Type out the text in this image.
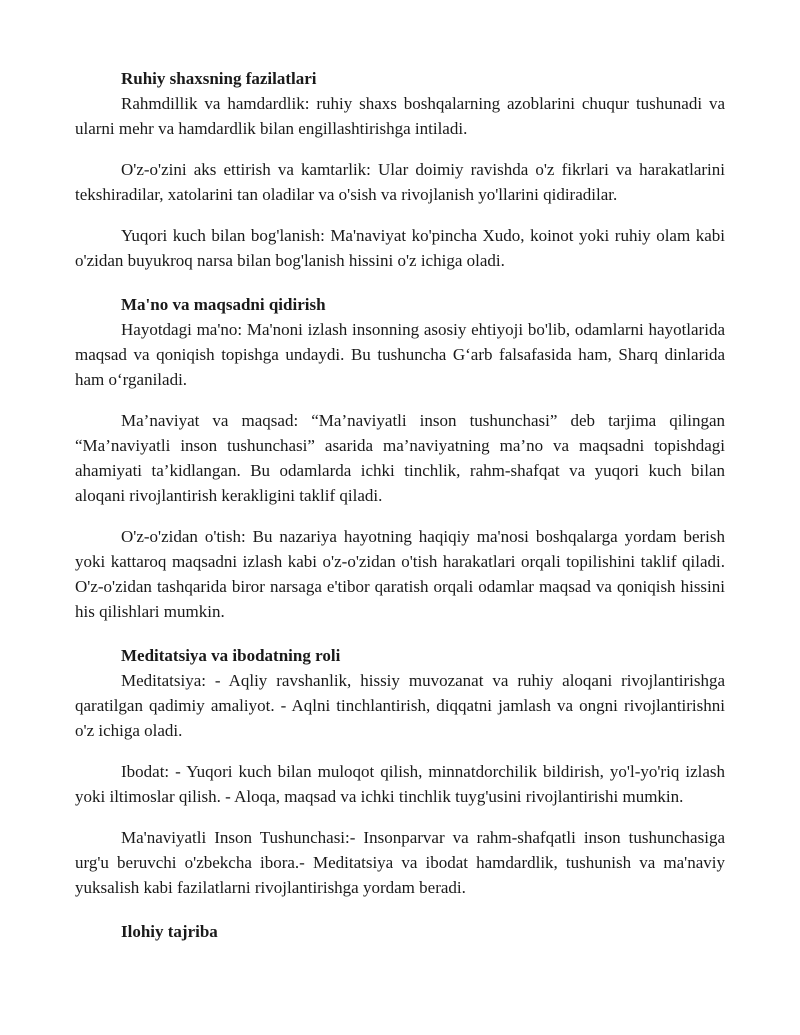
Ruhiy shaxsning fazilatlari

Rahmdillik va hamdardlik: ruhiy shaxs boshqalarning azoblarini chuqur tushunadi va ularni mehr va hamdardlik bilan engillashtirishga intiladi.

O'z-o'zini aks ettirish va kamtarlik: Ular doimiy ravishda o'z fikrlari va harakatlarini tekshiradilar, xatolarini tan oladilar va o'sish va rivojlanish yo'llarini qidiradilar.

Yuqori kuch bilan bog'lanish: Ma'naviyat ko'pincha Xudo, koinot yoki ruhiy olam kabi o'zidan buyukroq narsa bilan bog'lanish hissini o'z ichiga oladi.

Ma'no va maqsadni qidirish

Hayotdagi ma'no: Ma'noni izlash insonning asosiy ehtiyoji bo'lib, odamlarni hayotlarida maqsad va qoniqish topishga undaydi. Bu tushuncha G‘arb falsafasida ham, Sharq dinlarida ham o‘rganiladi.

Ma’naviyat va maqsad: “Ma’naviyatli inson tushunchasi” deb tarjima qilingan “Ma’naviyatli inson tushunchasi” asarida ma’naviyatning ma’no va maqsadni topishdagi ahamiyati ta’kidlangan. Bu odamlarda ichki tinchlik, rahm-shafqat va yuqori kuch bilan aloqani rivojlantirish kerakligini taklif qiladi.

O'z-o'zidan o'tish: Bu nazariya hayotning haqiqiy ma'nosi boshqalarga yordam berish yoki kattaroq maqsadni izlash kabi o'z-o'zidan o'tish harakatlari orqali topilishini taklif qiladi. O'z-o'zidan tashqarida biror narsaga e'tibor qaratish orqali odamlar maqsad va qoniqish hissini his qilishlari mumkin.

Meditatsiya va ibodatning roli

Meditatsiya: - Aqliy ravshanlik, hissiy muvozanat va ruhiy aloqani rivojlantirishga qaratilgan qadimiy amaliyot. - Aqlni tinchlantirish, diqqatni jamlash va ongni rivojlantirishni o'z ichiga oladi.

Ibodat: - Yuqori kuch bilan muloqot qilish, minnatdorchilik bildirish, yo'l-yo'riq izlash yoki iltimoslar qilish. - Aloqa, maqsad va ichki tinchlik tuyg'usini rivojlantirishi mumkin.

Ma'naviyatli Inson Tushunchasi:- Insonparvar va rahm-shafqatli inson tushunchasiga urg'u beruvchi o'zbekcha ibora.- Meditatsiya va ibodat hamdardlik, tushunish va ma'naviy yuksalish kabi fazilatlarni rivojlantirishga yordam beradi.

Ilohiy tajriba
